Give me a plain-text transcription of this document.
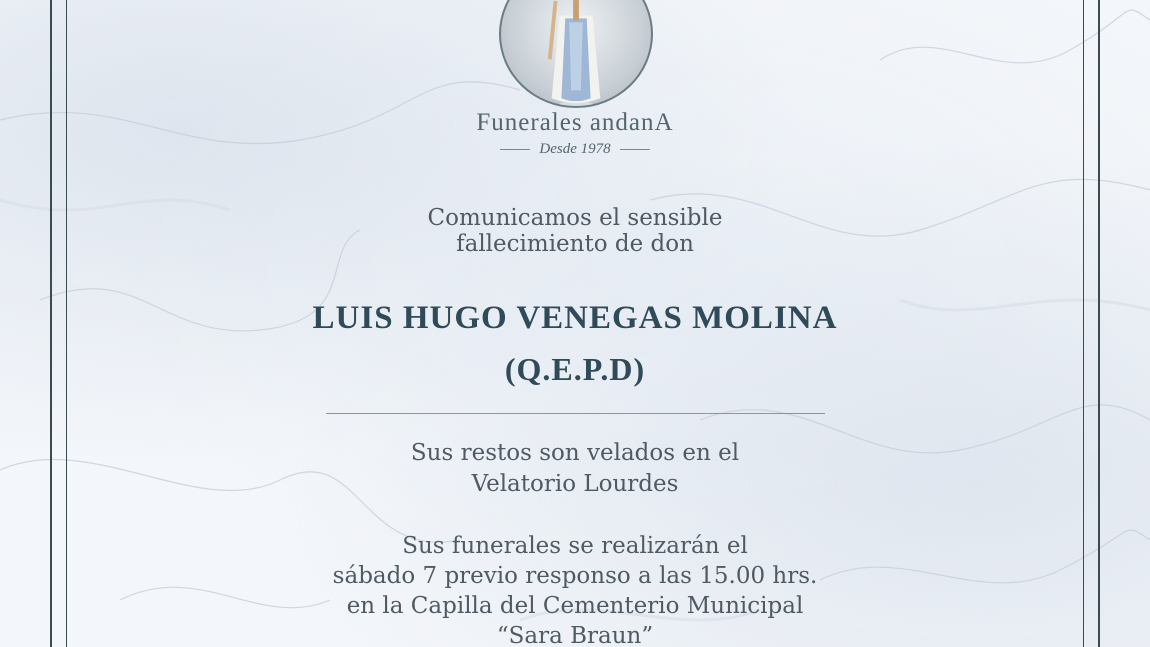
Funerales andanA
Desde 1978
Comunicamos el sensible
fallecimiento de don
LUIS HUGO VENEGAS MOLINA
(Q.E.P.D)
Sus restos son velados en el
Velatorio Lourdes
Sus funerales se realizarán el
sábado 7 previo responso a las 15.00 hrs.
en la Capilla del Cementerio Municipal
“Sara Braun”
